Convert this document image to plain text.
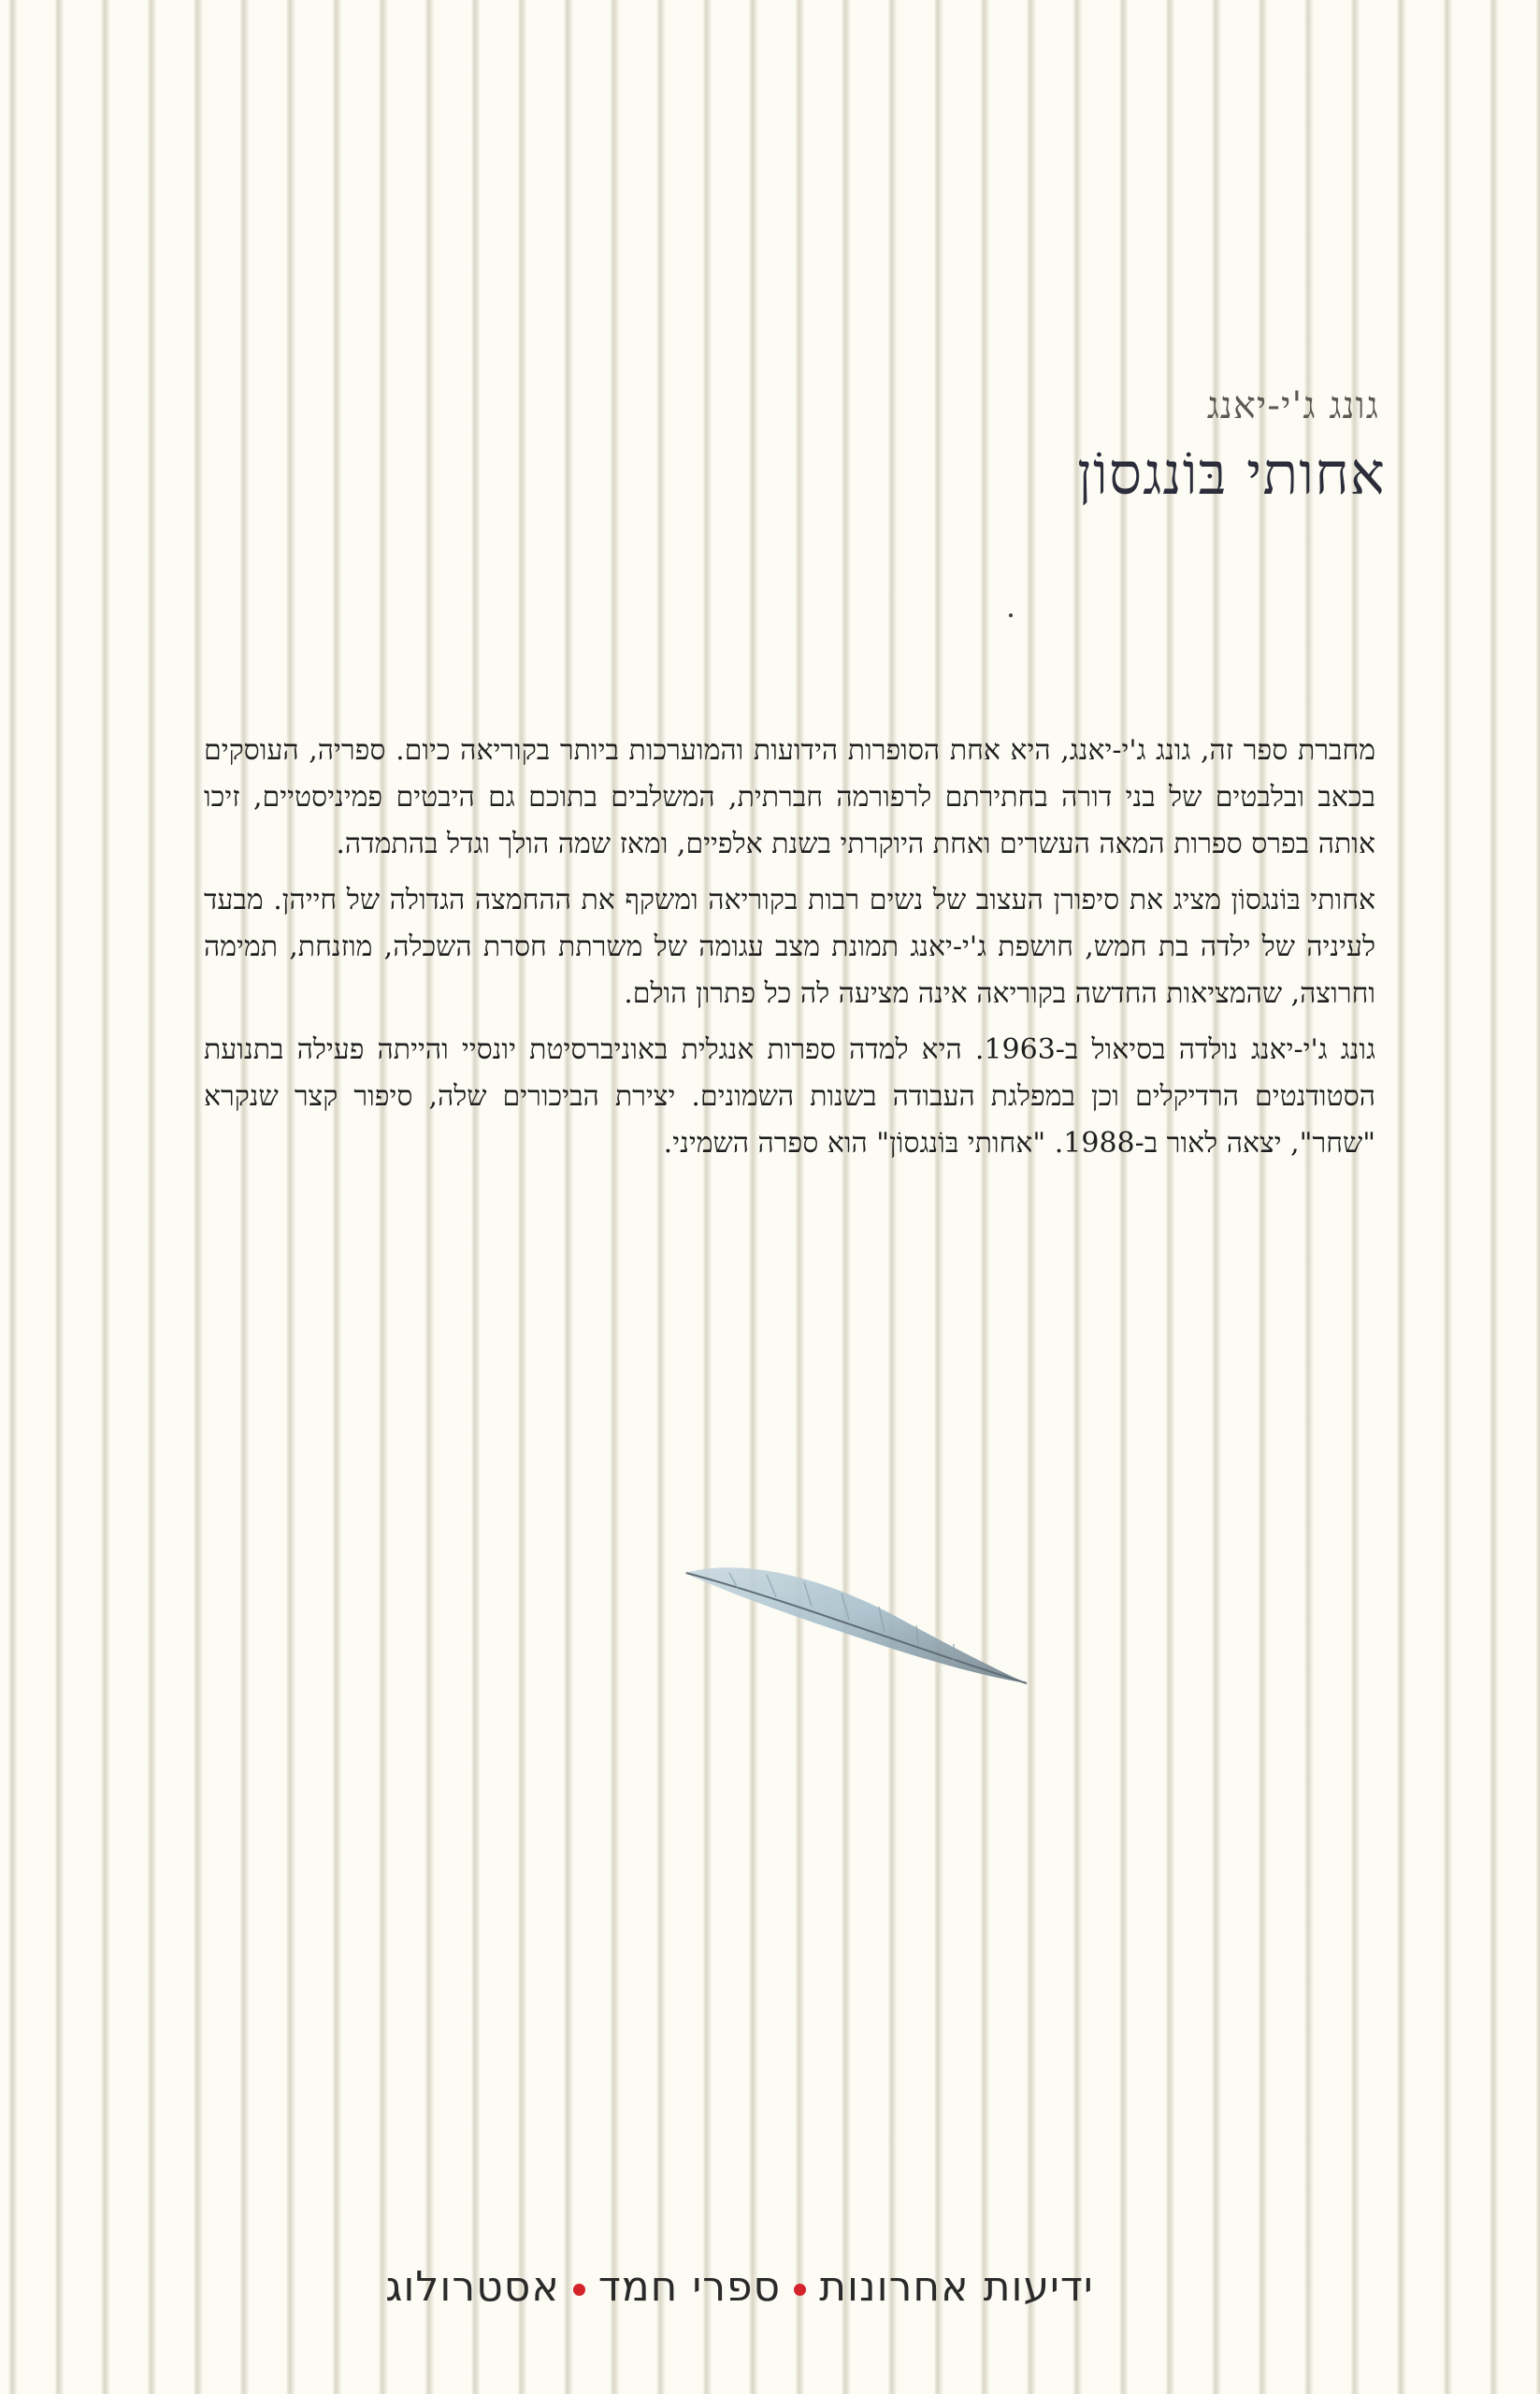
גונג ג'י-יאנג
אחותי בּוֹנגסוֹן

מחברת ספר זה, גונג ג'י-יאנג, היא אחת הסופרות הידועות והמוערכות ביותר בקוריאה כיום. ספריה, העוסקים בכאב ובלבטים של בני דורה בחתירתם לרפורמה חברתית, המשלבים בתוכם גם היבטים פמיניסטיים, זיכו אותה בפרס ספרות המאה העשרים ואחת היוקרתי בשנת אלפיים, ומאז שמה הולך וגדל בהתמדה.

אחותי בּוֹנגסוֹן מציג את סיפורן העצוב של נשים רבות בקוריאה ומשקף את ההחמצה הגדולה של חייהן. מבעד לעיניה של ילדה בת חמש, חושפת ג'י-יאנג תמונת מצב עגומה של משרתת חסרת השכלה, מוזנחת, תמימה וחרוצה, שהמציאות החדשה בקוריאה אינה מציעה לה כל פתרון הולם.

גונג ג'י-יאנג נולדה בסיאול ב-1963. היא למדה ספרות אנגלית באוניברסיטת יונסיי והייתה פעילה בתנועת הסטודנטים הרדיקלים וכן במפלגת העבודה בשנות השמונים. יצירת הביכורים שלה, סיפור קצר שנקרא "שחר", יצאה לאור ב-1988. "אחותי בּוֹנגסוֹן" הוא ספרה השמיני.

ידיעות אחרונותספרי חמדאסטרולוג
